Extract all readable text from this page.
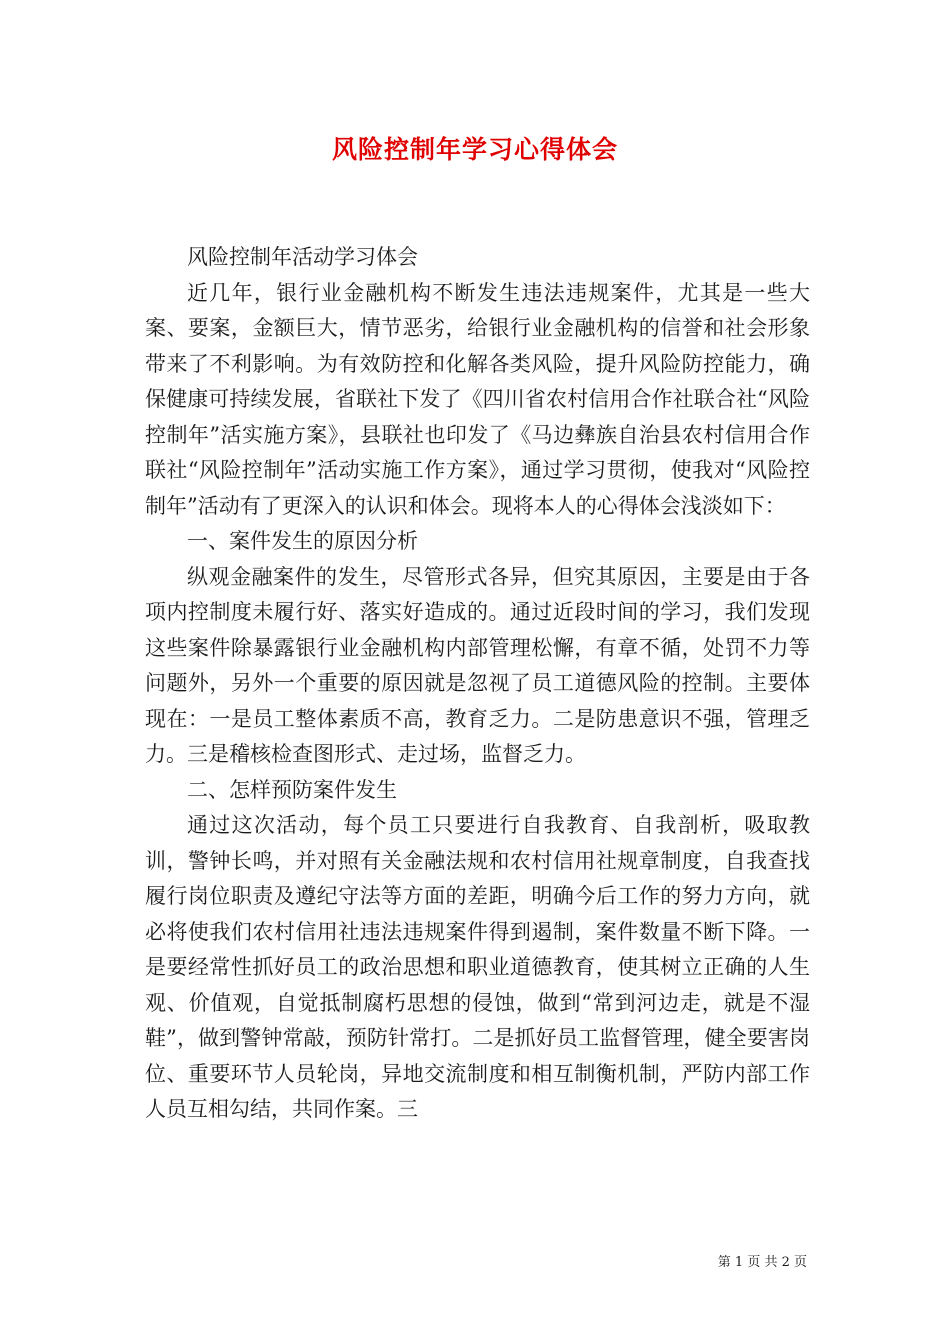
风险控制年学习心得体会

风险控制年活动学习体会

近几年，银行业金融机构不断发生违法违规案件，尤其是一些大案、要案，金额巨大，情节恶劣，给银行业金融机构的信誉和社会形象带来了不利影响。为有效防控和化解各类风险，提升风险防控能力，确保健康可持续发展，省联社下发了《四川省农村信用合作社联合社“风险控制年”活实施方案》，县联社也印发了《马边彝族自治县农村信用合作联社“风险控制年”活动实施工作方案》，通过学习贯彻，使我对“风险控制年”活动有了更深入的认识和体会。现将本人的心得体会浅淡如下：

一、案件发生的原因分析

纵观金融案件的发生，尽管形式各异，但究其原因，主要是由于各项内控制度未履行好、落实好造成的。通过近段时间的学习，我们发现这些案件除暴露银行业金融机构内部管理松懈，有章不循，处罚不力等问题外，另外一个重要的原因就是忽视了员工道德风险的控制。主要体现在：一是员工整体素质不高，教育乏力。二是防患意识不强，管理乏力。三是稽核检查图形式、走过场，监督乏力。

二、怎样预防案件发生

通过这次活动，每个员工只要进行自我教育、自我剖析，吸取教训，警钟长鸣，并对照有关金融法规和农村信用社规章制度，自我查找履行岗位职责及遵纪守法等方面的差距，明确今后工作的努力方向，就必将使我们农村信用社违法违规案件得到遏制，案件数量不断下降。一是要经常性抓好员工的政治思想和职业道德教育，使其树立正确的人生观、价值观，自觉抵制腐朽思想的侵蚀，做到“常到河边走，就是不湿鞋”，做到警钟常敲，预防针常打。二是抓好员工监督管理，健全要害岗位、重要环节人员轮岗，异地交流制度和相互制衡机制，严防内部工作人员互相勾结，共同作案。三

第 1 页 共 2 页
